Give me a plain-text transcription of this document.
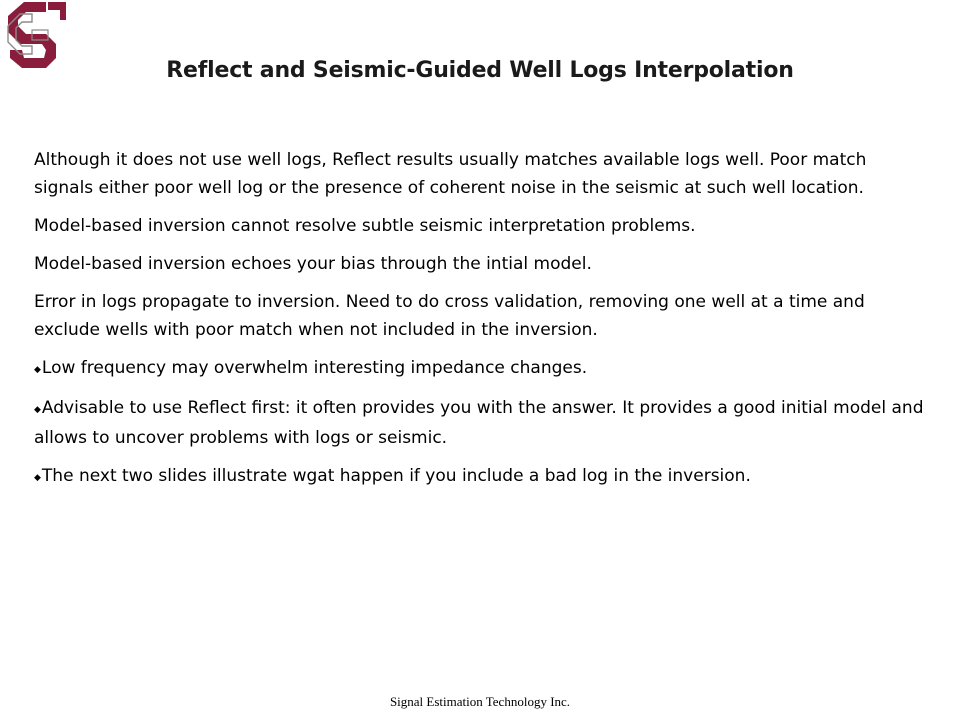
Reflect and Seismic-Guided Well Logs Interpolation

Although it does not use well logs, Reflect results usually matches available logs well. Poor match signals either poor well log or the presence of coherent noise in the seismic at such well location.

Model-based inversion cannot resolve subtle seismic interpretation problems.

Model-based inversion echoes your bias through the intial model.

Error in logs propagate to inversion. Need to do cross validation, removing one well at a time and exclude wells with poor match when not included in the inversion.

◆Low frequency may overwhelm interesting impedance changes.

◆Advisable to use Reflect first: it often provides you with the answer. It provides a good initial model and allows to uncover problems with logs or seismic.

◆The next two slides illustrate wgat happen if you include a bad log in the inversion.

Signal Estimation Technology Inc.
